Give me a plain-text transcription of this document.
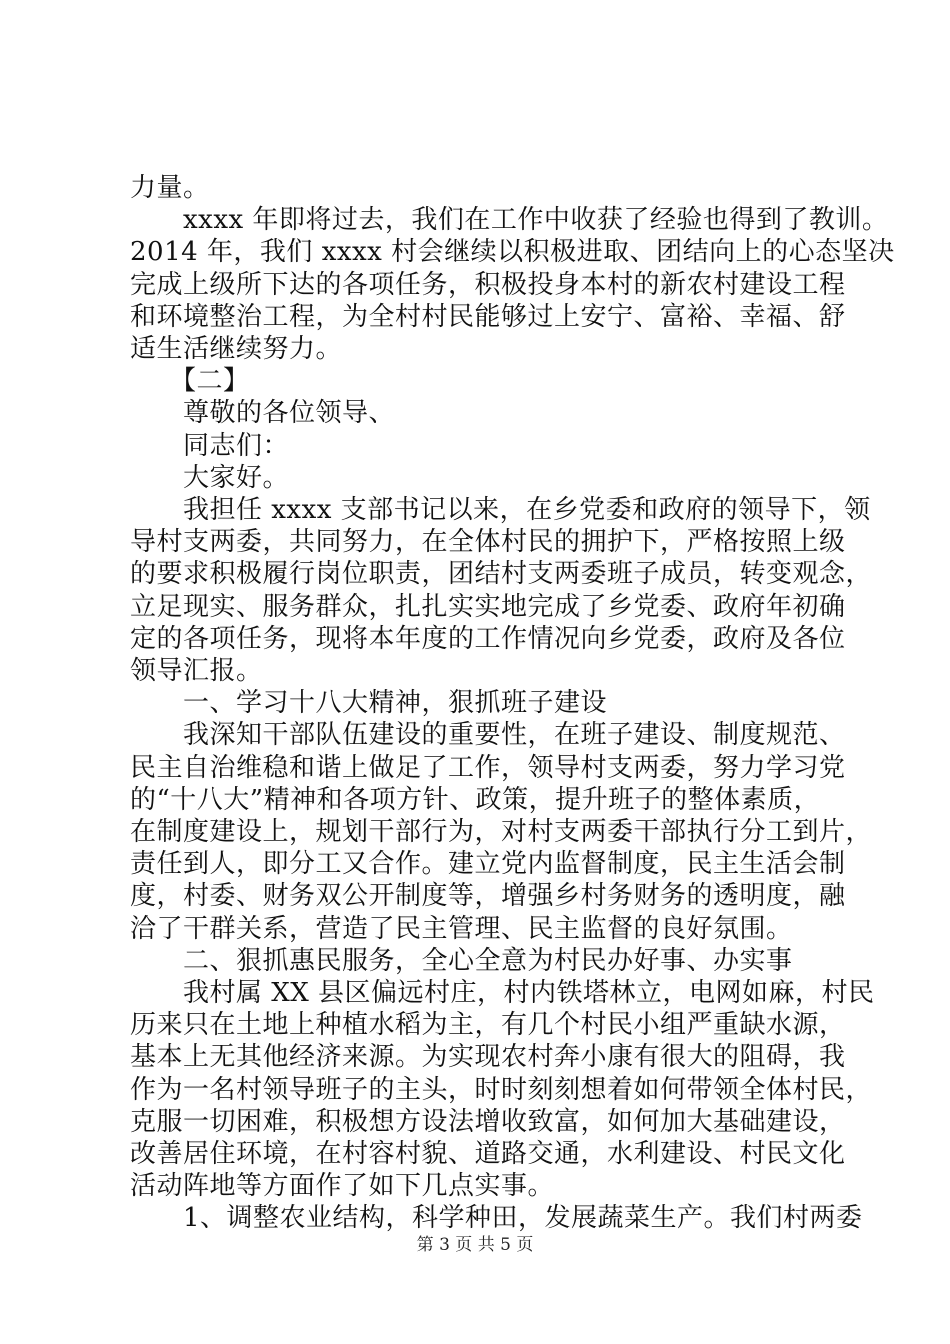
力量。
　　xxxx 年即将过去，我们在工作中收获了经验也得到了教训。
2014 年，我们 xxxx 村会继续以积极进取、团结向上的心态坚决
完成上级所下达的各项任务，积极投身本村的新农村建设工程
和环境整治工程，为全村村民能够过上安宁、富裕、幸福、舒
适生活继续努力。
　　【二】
　　尊敬的各位领导、
　　同志们：
　　大家好。
　　我担任 xxxx 支部书记以来，在乡党委和政府的领导下，领
导村支两委，共同努力，在全体村民的拥护下，严格按照上级
的要求积极履行岗位职责，团结村支两委班子成员，转变观念，
立足现实、服务群众，扎扎实实地完成了乡党委、政府年初确
定的各项任务，现将本年度的工作情况向乡党委，政府及各位
领导汇报。
　　一、学习十八大精神，狠抓班子建设
　　我深知干部队伍建设的重要性，在班子建设、制度规范、
民主自治维稳和谐上做足了工作，领导村支两委，努力学习党
的“十八大”精神和各项方针、政策，提升班子的整体素质，
在制度建设上，规划干部行为，对村支两委干部执行分工到片，
责任到人，即分工又合作。建立党内监督制度，民主生活会制
度，村委、财务双公开制度等，增强乡村务财务的透明度，融
洽了干群关系，营造了民主管理、民主监督的良好氛围。
　　二、狠抓惠民服务，全心全意为村民办好事、办实事
　　我村属 XX 县区偏远村庄，村内铁塔林立，电网如麻，村民
历来只在土地上种植水稻为主，有几个村民小组严重缺水源，
基本上无其他经济来源。为实现农村奔小康有很大的阻碍，我
作为一名村领导班子的主头，时时刻刻想着如何带领全体村民，
克服一切困难，积极想方设法增收致富，如何加大基础建设，
改善居住环境，在村容村貌、道路交通，水利建设、村民文化
活动阵地等方面作了如下几点实事。
　　1、调整农业结构，科学种田，发展蔬菜生产。我们村两委
第 3 页 共 5 页
